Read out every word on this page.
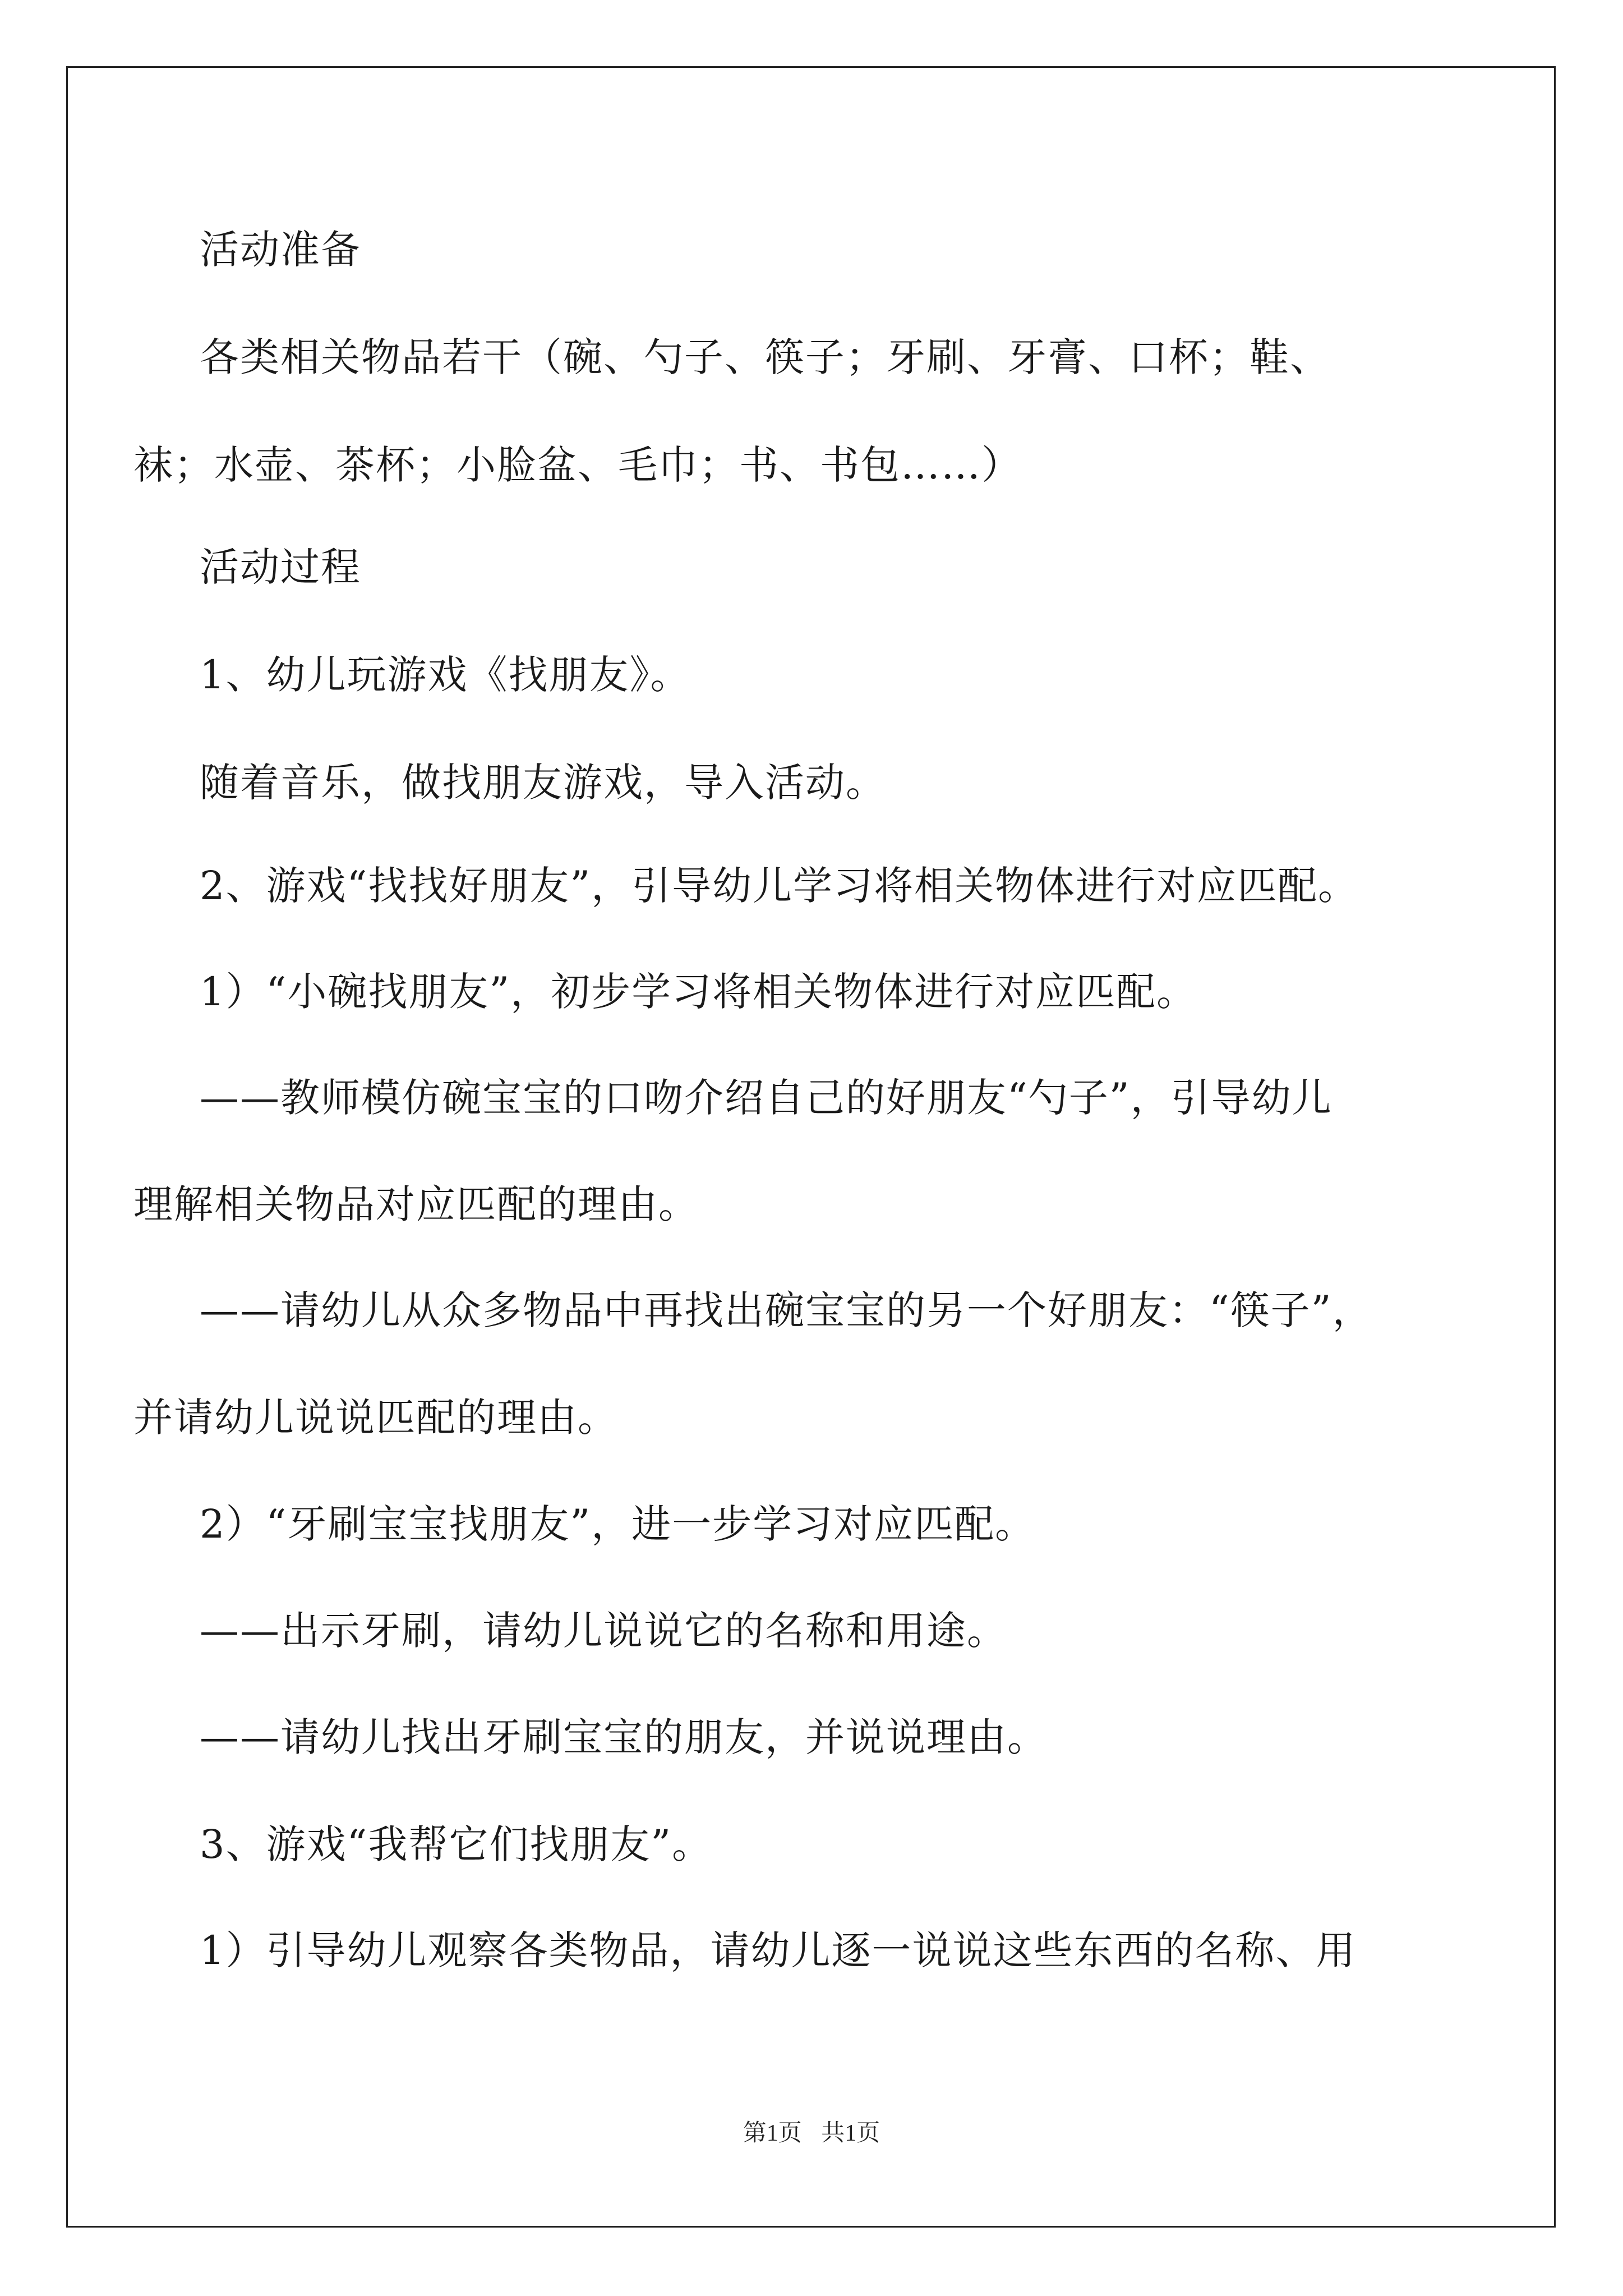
活动准备
各类相关物品若干（碗、勺子、筷子；牙刷、牙膏、口杯；鞋、
袜；水壶、茶杯；小脸盆、毛巾；书、书包……）
活动过程
1、幼儿玩游戏《找朋友》。
随着音乐，做找朋友游戏，导入活动。
2、游戏“找找好朋友”，引导幼儿学习将相关物体进行对应匹配。
1）“小碗找朋友”，初步学习将相关物体进行对应匹配。
——教师模仿碗宝宝的口吻介绍自己的好朋友“勺子”，引导幼儿
理解相关物品对应匹配的理由。
——请幼儿从众多物品中再找出碗宝宝的另一个好朋友：“筷子”，
并请幼儿说说匹配的理由。
2）“牙刷宝宝找朋友”，进一步学习对应匹配。
——出示牙刷，请幼儿说说它的名称和用途。
——请幼儿找出牙刷宝宝的朋友，并说说理由。
3、游戏“我帮它们找朋友”。
1）引导幼儿观察各类物品，请幼儿逐一说说这些东西的名称、用
第1页 共1页
